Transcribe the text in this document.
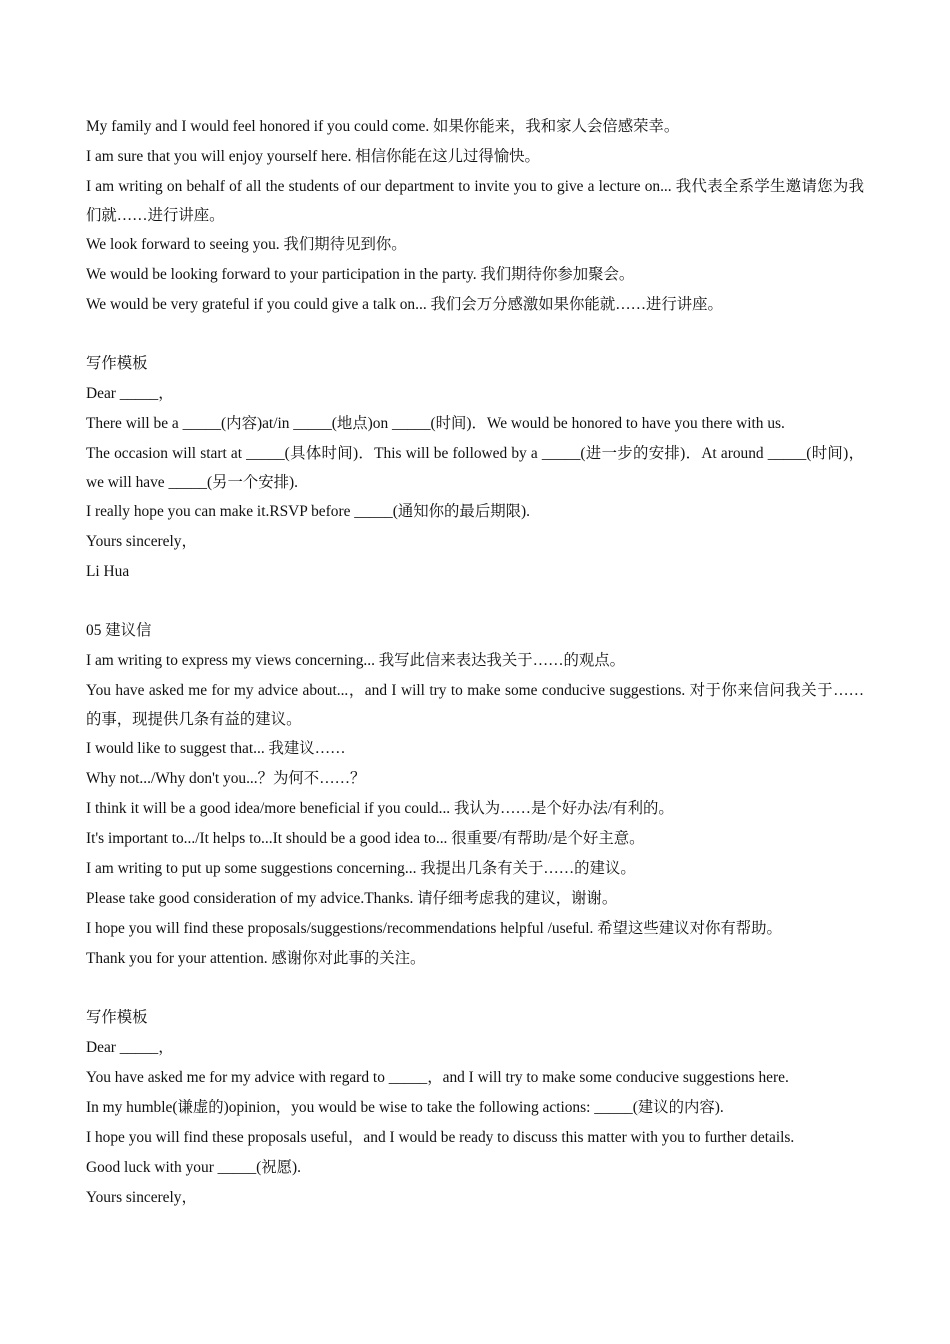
My family and I would feel honored if you could come. 如果你能来，我和家人会倍感荣幸。

I am sure that you will enjoy yourself here. 相信你能在这儿过得愉快。

I am writing on behalf of all the students of our department to invite you to give a lecture on... 我代表全系学生邀请您为我们就……进行讲座。

We look forward to seeing you. 我们期待见到你。

We would be looking forward to your participation in the party. 我们期待你参加聚会。

We would be very grateful if you could give a talk on... 我们会万分感激如果你能就……进行讲座。

写作模板

Dear _____，

There will be a _____(内容)at/in _____(地点)on _____(时间)．We would be honored to have you there with us.

The occasion will start at _____(具体时间)．This will be followed by a _____(进一步的安排)．At around _____(时间)，we will have _____(另一个安排).

I really hope you can make it.RSVP before _____(通知你的最后期限).

Yours sincerely，

Li Hua

05 建议信

I am writing to express my views concerning... 我写此信来表达我关于……的观点。

You have asked me for my advice about...，and I will try to make some conducive suggestions. 对于你来信问我关于……的事，现提供几条有益的建议。

I would like to suggest that... 我建议……

Why not.../Why don't you...？为何不……？

I think it will be a good idea/more beneficial if you could... 我认为……是个好办法/有利的。

It's important to.../It helps to...It should be a good idea to... 很重要/有帮助/是个好主意。

I am writing to put up some suggestions concerning... 我提出几条有关于……的建议。

Please take good consideration of my advice.Thanks. 请仔细考虑我的建议，谢谢。

I hope you will find these proposals/suggestions/recommendations helpful /useful. 希望这些建议对你有帮助。

Thank you for your attention. 感谢你对此事的关注。

写作模板

Dear _____，

You have asked me for my advice with regard to _____，and I will try to make some conducive suggestions here.

In my humble(谦虚的)opinion，you would be wise to take the following actions: _____(建议的内容).

I hope you will find these proposals useful，and I would be ready to discuss this matter with you to further details.

Good luck with your _____(祝愿).

Yours sincerely，
